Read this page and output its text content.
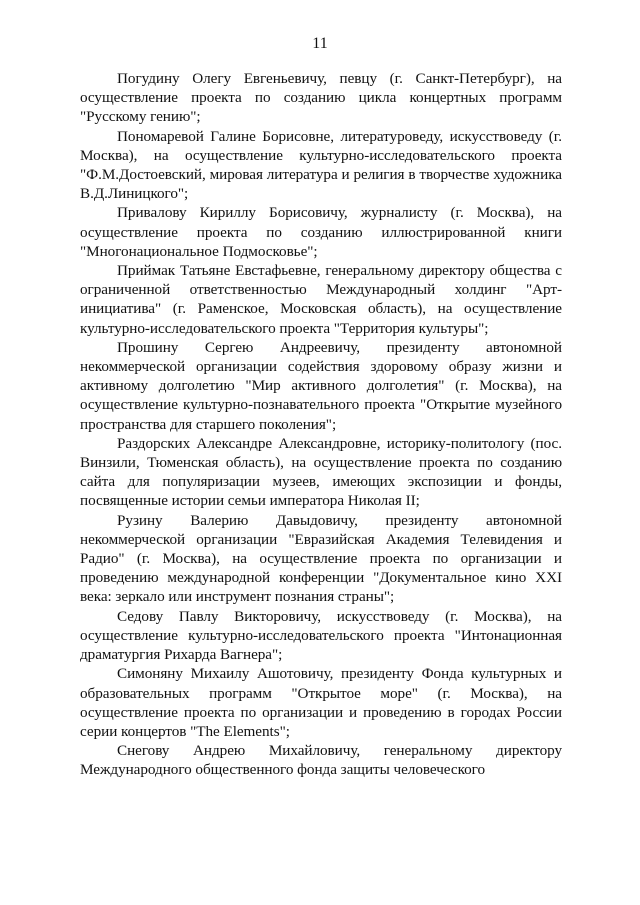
11

Погудину Олегу Евгеньевичу, певцу (г. Санкт-Петербург), на осуществление проекта по созданию цикла концертных программ "Русскому гению";

Пономаревой Галине Борисовне, литературоведу, искусствоведу (г. Москва), на осуществление культурно-исследовательского проекта "Ф.М.Достоевский, мировая литература и религия в творчестве художника В.Д.Линицкого";

Привалову Кириллу Борисовичу, журналисту (г. Москва), на осуществление проекта по созданию иллюстрированной книги "Многонациональное Подмосковье";

Приймак Татьяне Евстафьевне, генеральному директору общества с ограниченной ответственностью Международный холдинг "Арт-инициатива" (г. Раменское, Московская область), на осуществление культурно-исследовательского проекта "Территория культуры";

Прошину Сергею Андреевичу, президенту автономной некоммерческой организации содействия здоровому образу жизни и активному долголетию "Мир активного долголетия" (г. Москва), на осуществление культурно-познавательного проекта "Открытие музейного пространства для старшего поколения";

Раздорских Александре Александровне, историку-политологу (пос. Винзили, Тюменская область), на осуществление проекта по созданию сайта для популяризации музеев, имеющих экспозиции и фонды, посвященные истории семьи императора Николая II;

Рузину Валерию Давыдовичу, президенту автономной некоммерческой организации "Евразийская Академия Телевидения и Радио" (г. Москва), на осуществление проекта по организации и проведению международной конференции "Документальное кино XXI века: зеркало или инструмент познания страны";

Седову Павлу Викторовичу, искусствоведу (г. Москва), на осуществление культурно-исследовательского проекта "Интонационная драматургия Рихарда Вагнера";

Симоняну Михаилу Ашотовичу, президенту Фонда культурных и образовательных программ "Открытое море" (г. Москва), на осуществление проекта по организации и проведению в городах России серии концертов "The Elements";

Снегову Андрею Михайловичу, генеральному директору Международного общественного фонда защиты человеческого
